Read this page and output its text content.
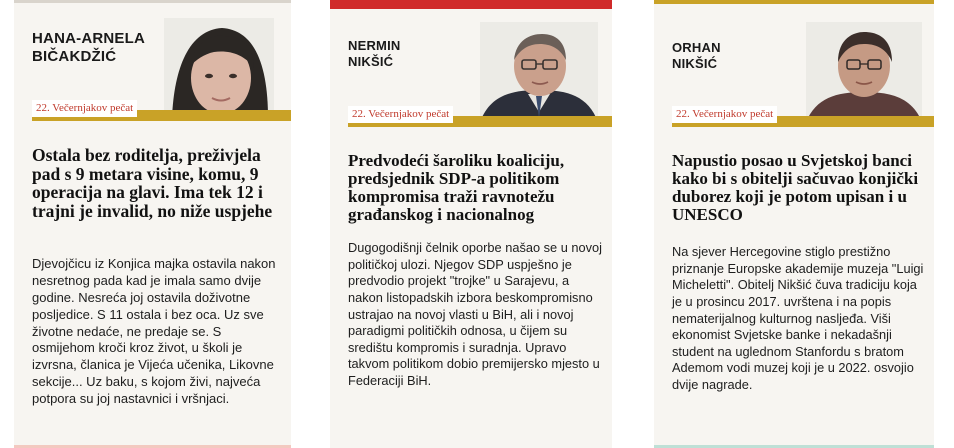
HANA-ARNELA
BIČAKDŽIĆ
22. Večernjakov pečat
Ostala bez roditelja, preživjela pad s 9 metara visine, komu, 9 operacija na glavi. Ima tek 12 i trajni je invalid, no niže uspjehe
Djevojčicu iz Konjica majka ostavila nakon nesretnog pada kad je imala samo dvije godine. Nesreća joj ostavila doživotne posljedice. S 11 ostala i bez oca. Uz sve životne nedaće, ne predaje se. S osmijehom kroči kroz život, u školi je izvrsna, članica je Vijeća učenika, Likovne sekcije... Uz baku, s kojom živi, najveća potpora su joj nastavnici i vršnjaci.
NERMIN
NIKŠIĆ
22. Večernjakov pečat
Predvodeći šaroliku koaliciju, predsjednik SDP-a politikom kompromisa traži ravnotežu građanskog i nacionalnog
Dugogodišnji čelnik oporbe našao se u novoj političkoj ulozi. Njegov SDP uspješno je predvodio projekt "trojke" u Sarajevu, a nakon listopadskih izbora beskompromisno ustrajao na novoj vlasti u BiH, ali i novoj paradigmi političkih odnosa, u čijem su središtu kompromis i suradnja. Upravo takvom politikom dobio premijersko mjesto u Federaciji BiH.
ORHAN
NIKŠIĆ
22. Večernjakov pečat
Napustio posao u Svjetskoj banci kako bi s obitelji sačuvao konjički duborez koji je potom upisan i u UNESCO
Na sjever Hercegovine stiglo prestižno priznanje Europske akademije muzeja "Luigi Micheletti". Obitelj Nikšić čuva tradiciju koja je u prosincu 2017. uvrštena i na popis nematerijalnog kulturnog nasljeđa. Viši ekonomist Svjetske banke i nekadašnji student na uglednom Stanfordu s bratom Ademom vodi muzej koji je u 2022. osvojio dvije nagrade.
